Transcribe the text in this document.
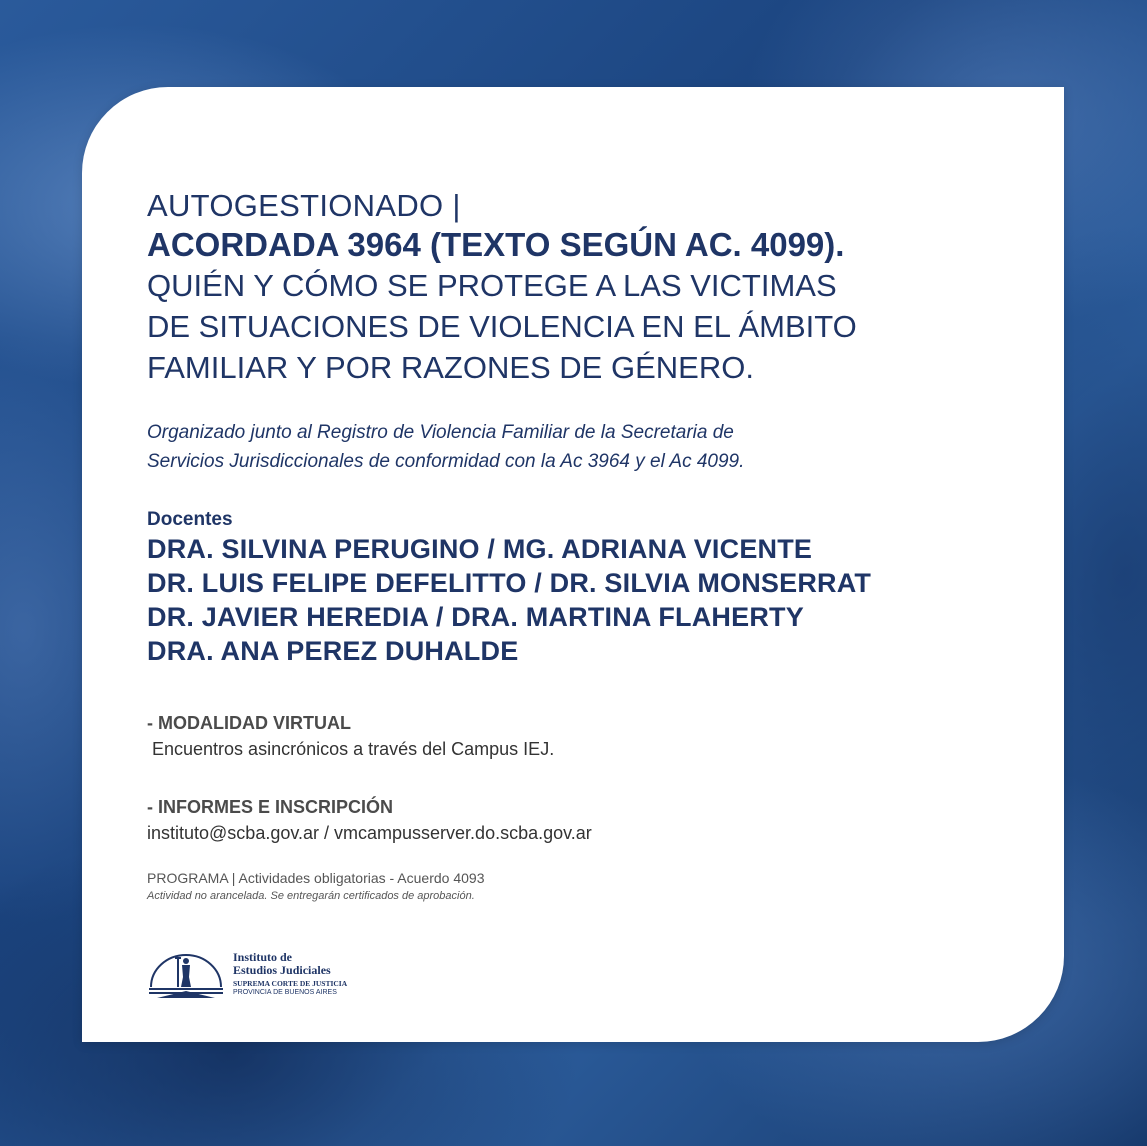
AUTOGESTIONADO |

ACORDADA 3964 (TEXTO SEGÚN AC. 4099).

QUIÉN Y CÓMO SE PROTEGE A LAS VICTIMAS

DE SITUACIONES DE VIOLENCIA EN EL ÁMBITO

FAMILIAR Y POR RAZONES DE GÉNERO.

Organizado junto al Registro de Violencia Familiar de la Secretaria de

Servicios Jurisdiccionales de conformidad con la Ac 3964 y el Ac 4099.

Docentes

DRA. SILVINA PERUGINO / MG. ADRIANA VICENTE

DR. LUIS FELIPE DEFELITTO / DR. SILVIA MONSERRAT

DR. JAVIER HEREDIA / DRA. MARTINA FLAHERTY

DRA. ANA PEREZ DUHALDE

- MODALIDAD VIRTUAL

Encuentros asincrónicos a través del Campus IEJ.

- INFORMES E INSCRIPCIÓN

instituto@scba.gov.ar / vmcampusserver.do.scba.gov.ar

PROGRAMA | Actividades obligatorias - Acuerdo 4093

Actividad no arancelada. Se entregarán certificados de aprobación.

Instituto de

Estudios Judiciales

SUPREMA CORTE DE JUSTICIA

PROVINCIA DE BUENOS AIRES
